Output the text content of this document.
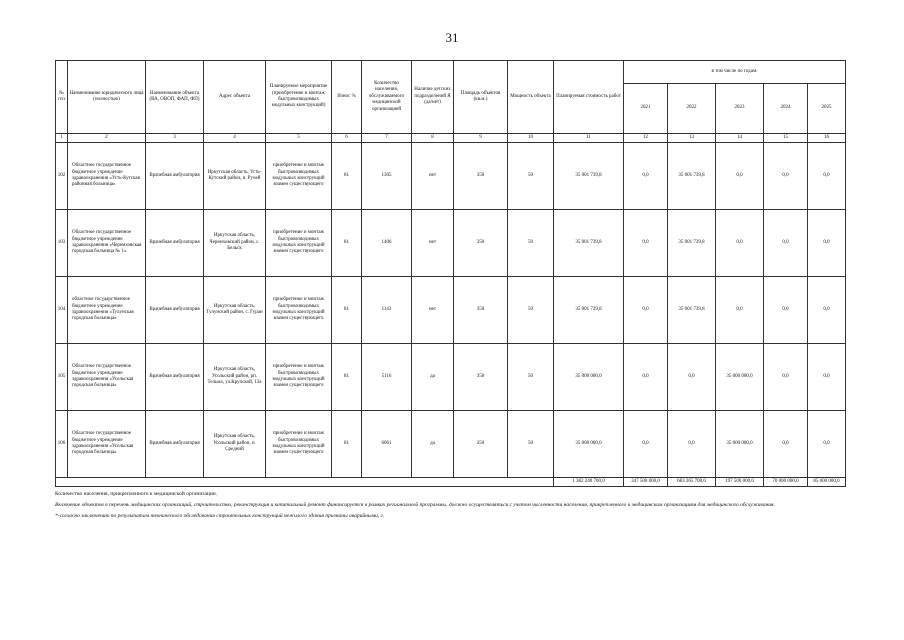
31
№ п/п	Наименование юридического лица (полностью)	Наименование объекта (ВА, ОВОП, ФАП, ФП)	Адрес объекта	Планируемое мероприятие (приобретение и монтаж быстровозводимых модульных конструкций)	Износ %	Количество населения, обслуживаемого медицинской организацией	Наличие детских подразделений Я (да/нет)	Площадь объектов (кв.м.)	Мощность объекта	Планируемая стоимость работ	в том числе по годам:				
											2021	2022	2023	2024	2025
1	2	3	4	5	6	7	8	9	10	11	12	13	14	15	16
102	Областное государственное бюджетное учреждение здравоохранения «Усть-Кутская районная больница»	Врачебная амбулатория	Иркутская область, Усть-Кутский район, п. Ручей	приобретение и монтаж быстровозводимых модульных конструкций взамен существующего	81	1305	нет	350	50	35 001 739,8	0,0	35 001 739,8	0,0	0,0	0,0
103	Областное государственное бюджетное учреждение здравоохранения «Черемховская городская больница № 1»	Врачебная амбулатория	Иркутская область, Черемховский район, с. Бельск	приобретение и монтаж быстровозводимых модульных конструкций взамен существующего	81	1406	нет	350	50	35 001 739,8	0,0	35 001 739,8	0,0	0,0	0,0
104	областное государственное бюджетное учреждение здравоохранения «Тулунская городская больница»	Врачебная амбулатория	Иркутская область, Тулунский район, с. Гуран	приобретение и монтаж быстровозводимых модульных конструкций взамен существующего	81	1143	нет	350	50	35 001 739,8	0,0	35 001 739,8	0,0	0,0	0,0
105	Областное государственное бюджетное учреждение здравоохранения «Усольская городская больница»	Врачебная амбулатория	Иркутская область, Усольский район, рп. Тельма, ул.Крупской, 13а	приобретение и монтаж быстровозводимых модульных конструкций взамен существующего	81	5116	да	350	50	35 000 000,0	0,0	0,0	35 000 000,0	0,0	0,0
106	Областное государственное бюджетное учреждение здравоохранения «Усольская городская больница»	Врачебная амбулатория	Иркутская область, Усольский район, п. Средний	приобретение и монтаж быстровозводимых модульных конструкций взамен существующего	81	6061	да	350	50	35 000 000,0	0,0	0,0	35 000 000,0	0,0	0,0
										1 382 240 700,0	347 500 000,0	683 365 700,0	197 500 000,0	70 000 000,0	85 000 000,0

Количество населения, прикрепленного к медицинской организации.

Включение объектов в перечень медицинских организаций, строительство, реконструкция и капитальный ремонт финансируется в рамках региональной программы, должно осуществляться с учетом численности населения, прикрепленного к медицинским организациям для медицинского обслуживания.

*-согласно заключению по результатам технического обследования строительных конструкций нежилого здания признаны аварийными, г.
